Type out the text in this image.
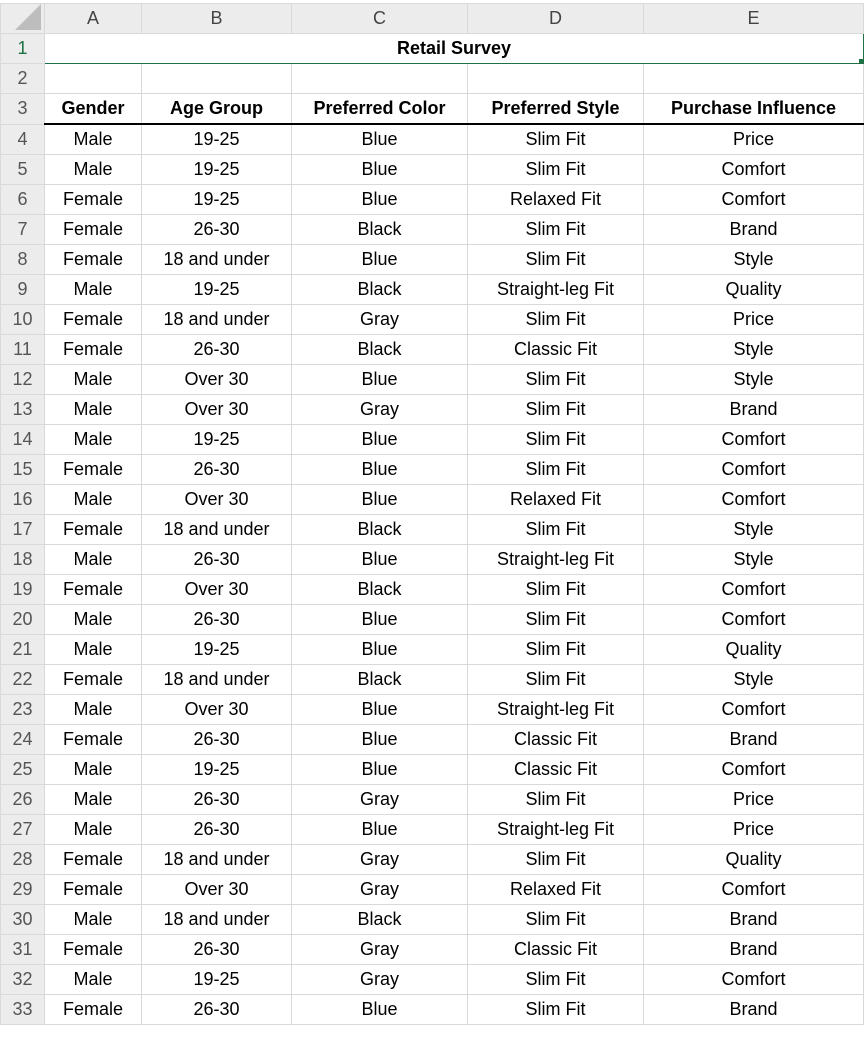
	A	B	C	D	E
1	Retail Survey				

2					
3	Gender	Age Group	Preferred Color	Preferred Style	Purchase Influence
4	Male	19-25	Blue	Slim Fit	Price
5	Male	19-25	Blue	Slim Fit	Comfort
6	Female	19-25	Blue	Relaxed Fit	Comfort
7	Female	26-30	Black	Slim Fit	Brand
8	Female	18 and under	Blue	Slim Fit	Style
9	Male	19-25	Black	Straight-leg Fit	Quality
10	Female	18 and under	Gray	Slim Fit	Price
11	Female	26-30	Black	Classic Fit	Style
12	Male	Over 30	Blue	Slim Fit	Style
13	Male	Over 30	Gray	Slim Fit	Brand
14	Male	19-25	Blue	Slim Fit	Comfort
15	Female	26-30	Blue	Slim Fit	Comfort
16	Male	Over 30	Blue	Relaxed Fit	Comfort
17	Female	18 and under	Black	Slim Fit	Style
18	Male	26-30	Blue	Straight-leg Fit	Style
19	Female	Over 30	Black	Slim Fit	Comfort
20	Male	26-30	Blue	Slim Fit	Comfort
21	Male	19-25	Blue	Slim Fit	Quality
22	Female	18 and under	Black	Slim Fit	Style
23	Male	Over 30	Blue	Straight-leg Fit	Comfort
24	Female	26-30	Blue	Classic Fit	Brand
25	Male	19-25	Blue	Classic Fit	Comfort
26	Male	26-30	Gray	Slim Fit	Price
27	Male	26-30	Blue	Straight-leg Fit	Price
28	Female	18 and under	Gray	Slim Fit	Quality
29	Female	Over 30	Gray	Relaxed Fit	Comfort
30	Male	18 and under	Black	Slim Fit	Brand
31	Female	26-30	Gray	Classic Fit	Brand
32	Male	19-25	Gray	Slim Fit	Comfort
33	Female	26-30	Blue	Slim Fit	Brand
